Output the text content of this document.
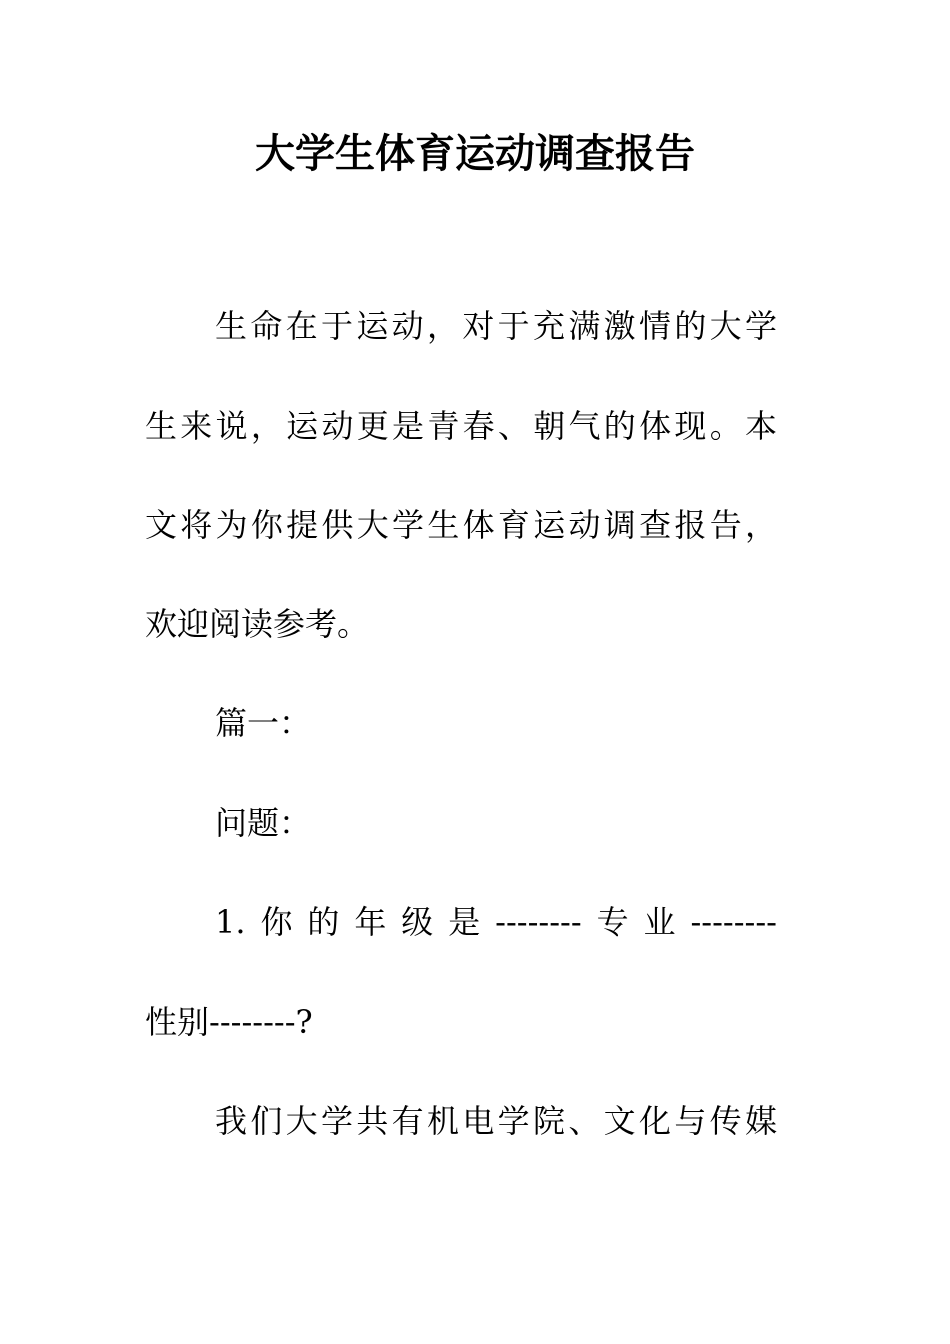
大学生体育运动调查报告
生命在于运动，对于充满激情的大学
生来说，运动更是青春、朝气的体现。本
文将为你提供大学生体育运动调查报告，
欢迎阅读参考。
篇一：
问题：
1.你的年级是--------专业--------
性别--------?
我们大学共有机电学院、文化与传媒
